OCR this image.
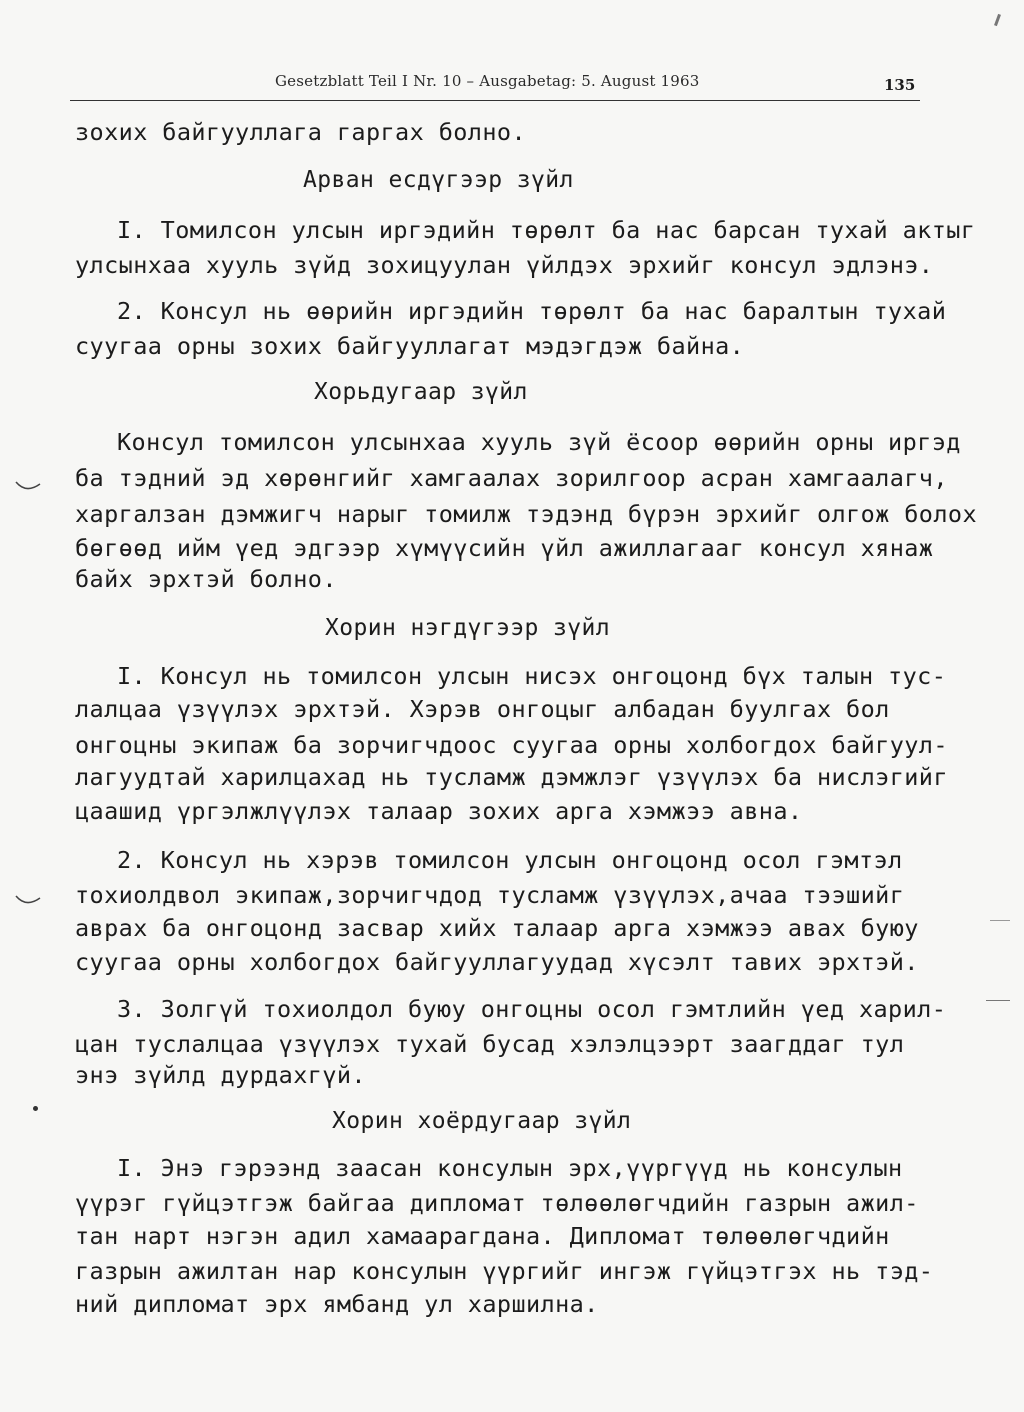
Gesetzblatt Teil I Nr. 10 – Ausgabetag: 5. August 1963	135
зохих байгууллага гаргах болно.
Арван есдүгээр зүйл
I. Томилсон улсын иргэдийн төрөлт ба нас барсан тухай актыг
улсынхаа хууль зүйд зохицуулан үйлдэх эрхийг консул эдлэнэ.
2. Консул нь өөрийн иргэдийн төрөлт ба нас баралтын тухай
суугаа орны зохих байгууллагат мэдэгдэж байна.
Хорьдугаар зүйл
Консул томилсон улсынхаа хууль зүй ёсоор өөрийн орны иргэд
ба тэдний эд хөрөнгийг хамгаалах зорилгоор асран хамгаалагч,
харгалзан дэмжигч нарыг томилж тэдэнд бүрэн эрхийг олгож болох
бөгөөд ийм үед эдгээр хүмүүсийн үйл ажиллагааг консул хянаж
байх эрхтэй болно.
Хорин нэгдүгээр зүйл
I. Консул нь томилсон улсын нисэх онгоцонд бүх талын тус-
лалцаа үзүүлэх эрхтэй. Хэрэв онгоцыг албадан буулгах бол
онгоцны экипаж ба зорчигчдоос суугаа орны холбогдох байгуул-
лагуудтай харилцахад нь тусламж дэмжлэг үзүүлэх ба нислэгийг
цаашид үргэлжлүүлэх талаар зохих арга хэмжээ авна.
2. Консул нь хэрэв томилсон улсын онгоцонд осол гэмтэл
тохиолдвол экипаж,зорчигчдод тусламж үзүүлэх,ачаа тээшийг
аврах ба онгоцонд засвар хийх талаар арга хэмжээ авах буюу
суугаа орны холбогдох байгууллагуудад хүсэлт тавих эрхтэй.
3. Золгүй тохиолдол буюу онгоцны осол гэмтлийн үед харил-
цан туслалцаа үзүүлэх тухай бусад хэлэлцээрт заагддаг тул
энэ зүйлд дурдахгүй.
Хорин хоёрдугаар зүйл
I. Энэ гэрээнд заасан консулын эрх,үүргүүд нь консулын
үүрэг гүйцэтгэж байгаа дипломат төлөөлөгчдийн газрын ажил-
тан нарт нэгэн адил хамаарагдана. Дипломат төлөөлөгчдийн
газрын ажилтан нар консулын үүргийг ингэж гүйцэтгэх нь тэд-
ний дипломат эрх ямбанд ул харшилна.
